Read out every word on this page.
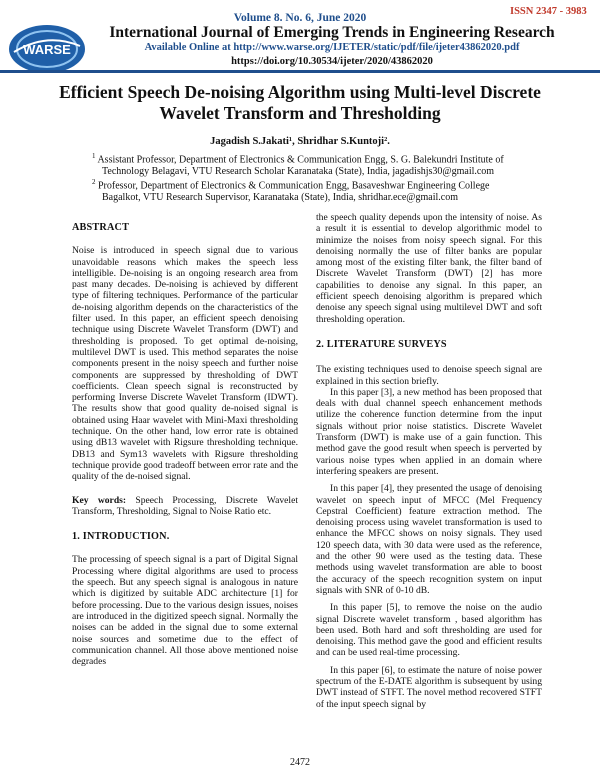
ISSN 2347 - 3983
Volume 8. No. 6, June 2020
WARSE
International Journal of Emerging Trends in Engineering Research
Available Online at http://www.warse.org/IJETER/static/pdf/file/ijeter43862020.pdf
https://doi.org/10.30534/ijeter/2020/43862020
Efficient Speech De-noising Algorithm using Multi-level Discrete Wavelet Transform and Thresholding
Jagadish S.Jakati¹, Shridhar S.Kuntoji².
$^1$ Assistant Professor, Department of Electronics & Communication Engg, S. G. Balekundri Institute of
Technology Belagavi, VTU Research Scholar Karanataka (State), India, jagadishjs30@gmail.com
$^2$ Professor, Department of Electronics & Communication Engg, Basaveshwar Engineering College
Bagalkot, VTU Research Supervisor, Karanataka (State), India, shridhar.ece@gmail.com

ABSTRACT

Noise is introduced in speech signal due to various unavoidable reasons which makes the speech less intelligible. De-noising is an ongoing research area from past many decades. De-noising is achieved by different type of filtering techniques. Performance of the particular de-noising algorithm depends on the characteristics of the filter used. In this paper, an efficient speech denoising technique using Discrete Wavelet Transform (DWT) and thresholding is proposed. To get optimal de-noising, multilevel DWT is used. This method separates the noise components present in the noisy speech and further noise components are suppressed by thresholding of DWT coefficients. Clean speech signal is reconstructed by performing Inverse Discrete Wavelet Transform (IDWT). The results show that good quality de-noised signal is obtained using Haar wavelet with Mini-Maxi thresholding technique. On the other hand, low error rate is obtained using dB13 wavelet with Rigsure thresholding technique. DB13 and Sym13 wavelets with Rigsure thresholding technique provide good tradeoff between error rate and the quality of the de-noised signal.

Key words: Speech Processing, Discrete Wavelet Transform, Thresholding, Signal to Noise Ratio etc.

1. INTRODUCTION.

The processing of speech signal is a part of Digital Signal Processing where digital algorithms are used to process the speech. But any speech signal is analogous in nature which is digitized by suitable ADC architecture [1] for before processing. Due to the various design issues, noises are introduced in the digitized speech signal. Normally the noises can be added in the signal due to some external noise sources and sometime due to the effect of communication channel. All those above mentioned noise degrades

the speech quality depends upon the intensity of noise. As a result it is essential to develop algorithmic model to minimize the noises from noisy speech signal. For this denoising normally the use of filter banks are popular among most of the existing filter bank, the filter band of Discrete Wavelet Transform (DWT) [2] has more capabilities to denoise any signal. In this paper, an efficient speech denoising algorithm is prepared which denoise any speech signal using multilevel DWT and soft thresholding operation.

2. LITERATURE SURVEYS

The existing techniques used to denoise speech signal are explained in this section briefly.

In this paper [3], a new method has been proposed that deals with dual channel speech enhancement methods utilize the coherence function determine from the input signals without prior noise statistics. Discrete Wavelet Transform (DWT) is make use of a gain function. This method gave the good result when speech is perverted by various noise types when applied in an domain where interfering speakers are present.

In this paper [4], they presented the usage of denoising wavelet on speech input of MFCC (Mel Frequency Cepstral Coefficient) feature extraction method. The denoising process using wavelet transformation is used to enhance the MFCC shows on noisy signals. They used 120 speech data, with 30 data were used as the reference, and the other 90 were used as the testing data. These methods using wavelet transformation are able to boost the accuracy of the speech recognition system on input signals with SNR of 0-10 dB.

In this paper [5], to remove the noise on the audio signal Discrete wavelet transform , based algorithm has been used. Both hard and soft thresholding are used for denoising. This method gave the good and efficient results and can be used real-time processing.

In this paper [6], to estimate the nature of noise power spectrum of the E-DATE algorithm is subsequent by using DWT instead of STFT. The novel method recovered STFT of the input speech signal by

2472
